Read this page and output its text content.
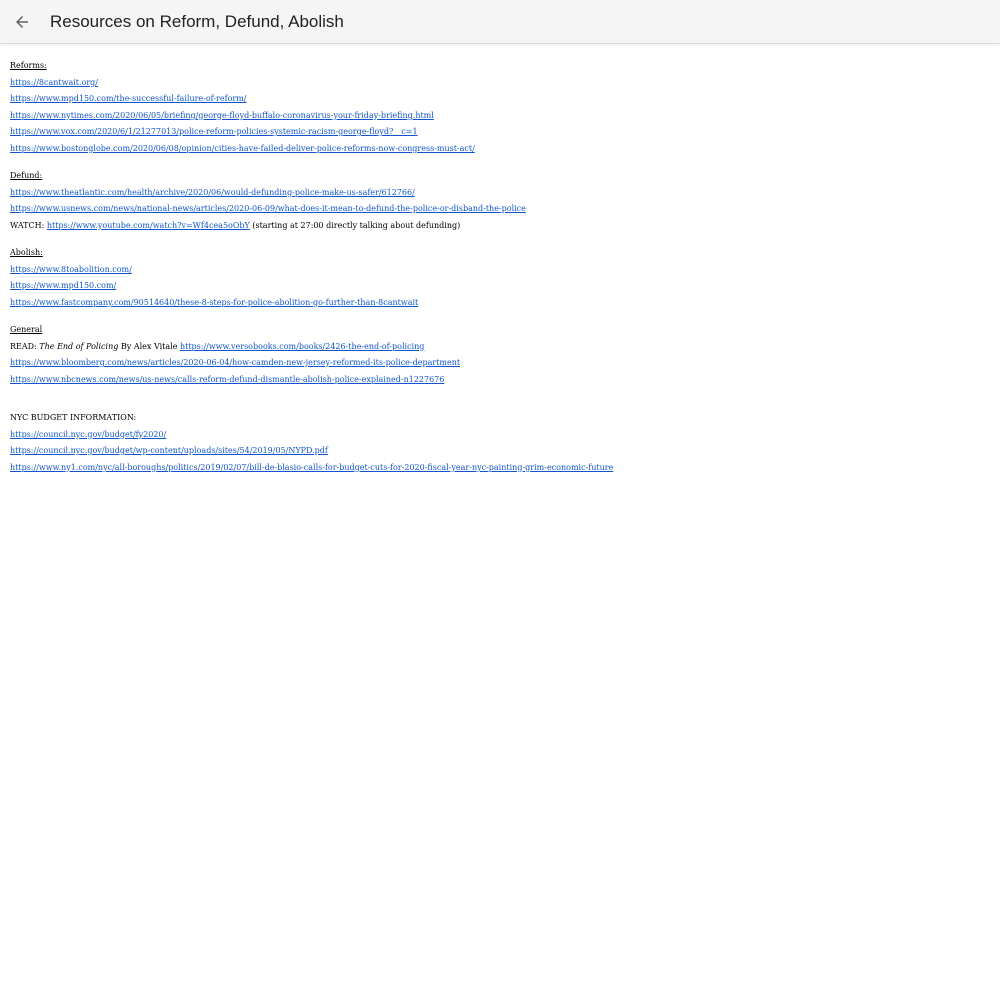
Resources on Reform, Defund, Abolish
Reforms:
https://8cantwait.org/
https://www.mpd150.com/the-successful-failure-of-reform/
https://www.nytimes.com/2020/06/05/briefing/george-floyd-buffalo-coronavirus-your-friday-briefing.html
https://www.vox.com/2020/6/1/21277013/police-reform-policies-systemic-racism-george-floyd?__c=1
https://www.bostonglobe.com/2020/06/08/opinion/cities-have-failed-deliver-police-reforms-now-congress-must-act/
Defund:
https://www.theatlantic.com/health/archive/2020/06/would-defunding-police-make-us-safer/612766/
https://www.usnews.com/news/national-news/articles/2020-06-09/what-does-it-mean-to-defund-the-police-or-disband-the-police
WATCH: https://www.youtube.com/watch?v=Wf4cea5oObY (starting at 27:00 directly talking about defunding)
Abolish:
https://www.8toabolition.com/
https://www.mpd150.com/
https://www.fastcompany.com/90514640/these-8-steps-for-police-abolition-go-further-than-8cantwait
General
READ: The End of Policing By Alex Vitale https://www.versobooks.com/books/2426-the-end-of-policing
https://www.bloomberg.com/news/articles/2020-06-04/how-camden-new-jersey-reformed-its-police-department
https://www.nbcnews.com/news/us-news/calls-reform-defund-dismantle-abolish-police-explained-n1227676
NYC BUDGET INFORMATION:
https://council.nyc.gov/budget/fy2020/
https://council.nyc.gov/budget/wp-content/uploads/sites/54/2019/05/NYPD.pdf
https://www.ny1.com/nyc/all-boroughs/politics/2019/02/07/bill-de-blasio-calls-for-budget-cuts-for-2020-fiscal-year-nyc-painting-grim-economic-future
